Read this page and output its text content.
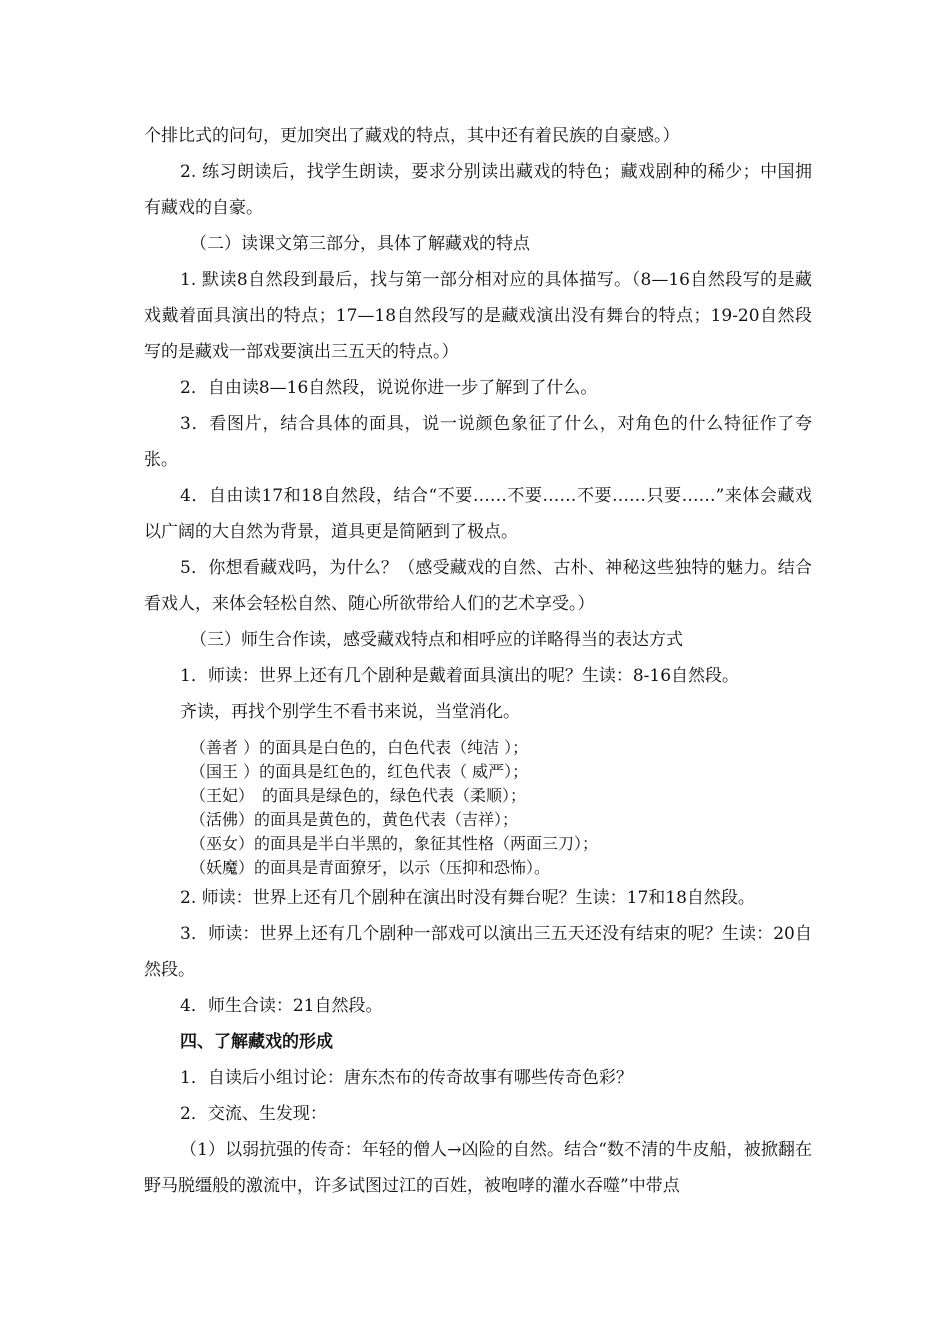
个排比式的问句，更加突出了藏戏的特点，其中还有着民族的自豪感。）

2. 练习朗读后，找学生朗读，要求分别读出藏戏的特色；藏戏剧种的稀少；中国拥有藏戏的自豪。

（二）读课文第三部分，具体了解藏戏的特点

1. 默读8自然段到最后，找与第一部分相对应的具体描写。（8—16自然段写的是藏戏戴着面具演出的特点；17—18自然段写的是藏戏演出没有舞台的特点；19-20自然段写的是藏戏一部戏要演出三五天的特点。）

2．自由读8—16自然段，说说你进一步了解到了什么。

3．看图片，结合具体的面具，说一说颜色象征了什么，对角色的什么特征作了夸张。

4．自由读17和18自然段，结合“不要……不要……不要……只要……”来体会藏戏以广阔的大自然为背景，道具更是简陋到了极点。

5．你想看藏戏吗，为什么？（感受藏戏的自然、古朴、神秘这些独特的魅力。结合看戏人，来体会轻松自然、随心所欲带给人们的艺术享受。）

（三）师生合作读，感受藏戏特点和相呼应的详略得当的表达方式

1．师读：世界上还有几个剧种是戴着面具演出的呢？生读：8-16自然段。

齐读，再找个别学生不看书来说，当堂消化。

（善者 ）的面具是白色的，白色代表（纯洁 ）；

（国王 ）的面具是红色的，红色代表（ 威严）；

（王妃）　的面具是绿色的，绿色代表（柔顺）；

（活佛）的面具是黄色的，黄色代表（吉祥）；

（巫女）的面具是半白半黑的，象征其性格（两面三刀）；

（妖魔）的面具是青面獠牙，以示（压抑和恐怖）。

2. 师读：世界上还有几个剧种在演出时没有舞台呢？生读：17和18自然段。

3．师读：世界上还有几个剧种一部戏可以演出三五天还没有结束的呢？生读：20自然段。

4．师生合读：21自然段。

四、了解藏戏的形成

1．自读后小组讨论：唐东杰布的传奇故事有哪些传奇色彩？

2．交流、生发现：

（1）以弱抗强的传奇：年轻的僧人→凶险的自然。结合“数不清的牛皮船，被掀翻在野马脱缰般的激流中，许多试图过江的百姓，被咆哮的灌水吞噬”中带点
